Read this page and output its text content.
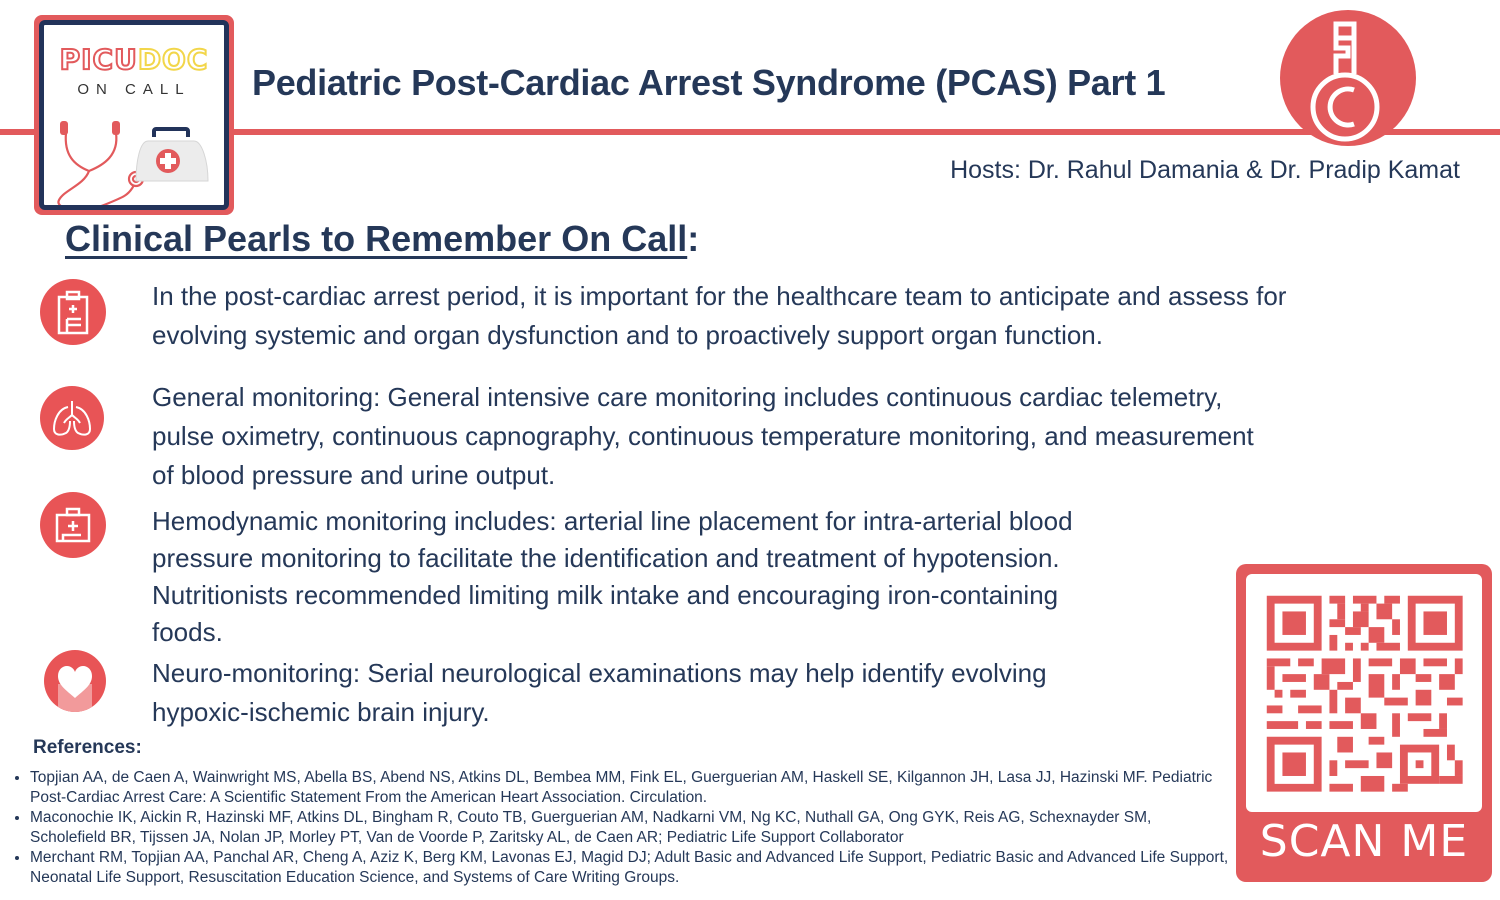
PICUDOC
ON CALL	Pediatric Post-Cardiac Arrest Syndrome (PCAS) Part 1
Hosts: Dr. Rahul Damania & Dr. Pradip Kamat
Clinical Pearls to Remember On Call:
In the post-cardiac arrest period, it is important for the healthcare team to anticipate and assess for
evolving systemic and organ dysfunction and to proactively support organ function.
General monitoring: General intensive care monitoring includes continuous cardiac telemetry,
pulse oximetry, continuous capnography, continuous temperature monitoring, and measurement
of blood pressure and urine output.
Hemodynamic monitoring includes: arterial line placement for intra-arterial blood
pressure monitoring to facilitate the identification and treatment of hypotension.
Nutritionists recommended limiting milk intake and encouraging iron-containing
foods.
Neuro-monitoring: Serial neurological examinations may help identify evolving
hypoxic-ischemic brain injury.
References:
• Topjian AA, de Caen A, Wainwright MS, Abella BS, Abend NS, Atkins DL, Bembea MM, Fink EL, Guerguerian AM, Haskell SE, Kilgannon JH, Lasa JJ, Hazinski MF. Pediatric Post-Cardiac Arrest Care: A Scientific Statement From the American Heart Association. Circulation.
• Maconochie IK, Aickin R, Hazinski MF, Atkins DL, Bingham R, Couto TB, Guerguerian AM, Nadkarni VM, Ng KC, Nuthall GA, Ong GYK, Reis AG, Schexnayder SM, Scholefield BR, Tijssen JA, Nolan JP, Morley PT, Van de Voorde P, Zaritsky AL, de Caen AR; Pediatric Life Support Collaborator
• Merchant RM, Topjian AA, Panchal AR, Cheng A, Aziz K, Berg KM, Lavonas EJ, Magid DJ; Adult Basic and Advanced Life Support, Pediatric Basic and Advanced Life Support, Neonatal Life Support, Resuscitation Education Science, and Systems of Care Writing Groups.
SCAN ME
